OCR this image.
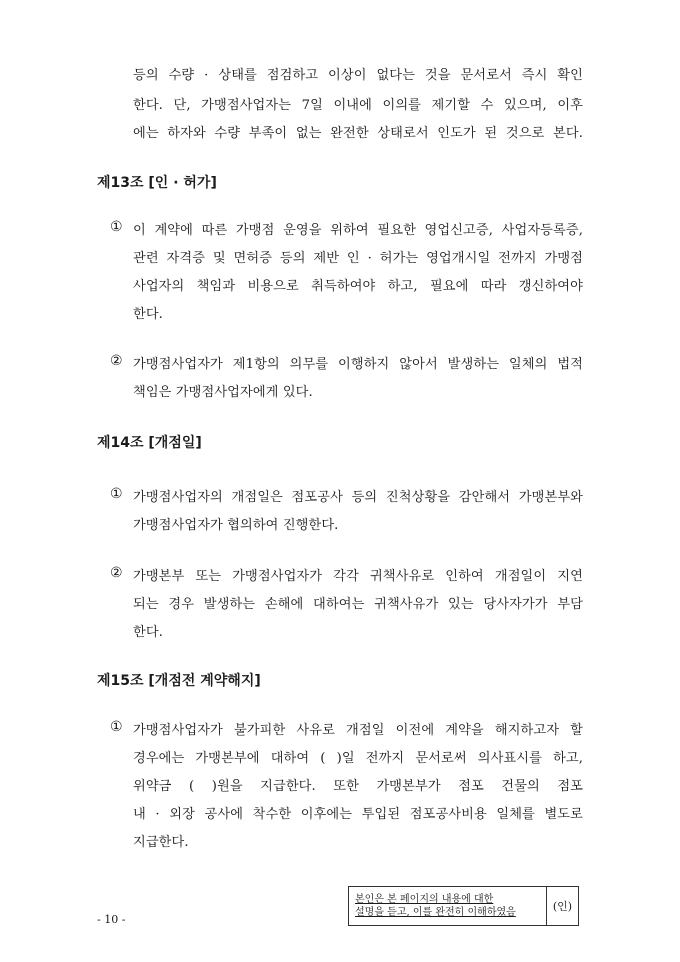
등의 수량 · 상태를 점검하고 이상이 없다는 것을 문서로서 즉시 확인
한다. 단, 가맹점사업자는 7일 이내에 이의를 제기할 수 있으며, 이후
에는 하자와 수량 부족이 없는 완전한 상태로서 인도가 된 것으로 본다.
제13조 [인 · 허가]
① 이 계약에 따른 가맹점 운영을 위하여 필요한 영업신고증, 사업자등록증,
관련 자격증 및 면허증 등의 제반 인 · 허가는 영업개시일 전까지 가맹점
사업자의 책임과 비용으로 취득하여야 하고, 필요에 따라 갱신하여야
한다.
② 가맹점사업자가 제1항의 의무를 이행하지 않아서 발생하는 일체의 법적
책임은 가맹점사업자에게 있다.
제14조 [개점일]
① 가맹점사업자의 개점일은 점포공사 등의 진척상황을 감안해서 가맹본부와
가맹점사업자가 협의하여 진행한다.
② 가맹본부 또는 가맹점사업자가 각각 귀책사유로 인하여 개점일이 지연
되는 경우 발생하는 손해에 대하여는 귀책사유가 있는 당사자가가 부담
한다.
제15조 [개점전 계약해지]
① 가맹점사업자가 불가피한 사유로 개점일 이전에 계약을 해지하고자 할
경우에는 가맹본부에 대하여 ( )일 전까지 문서로써 의사표시를 하고,
위약금 ( )원을 지급한다. 또한 가맹본부가 점포 건물의 점포
내 · 외장 공사에 착수한 이후에는 투입된 점포공사비용 일체를 별도로
지급한다.
본인은 본 페이지의 내용에 대한
설명을 듣고, 이를 완전히 이해하였음	(인)
- 10 -
